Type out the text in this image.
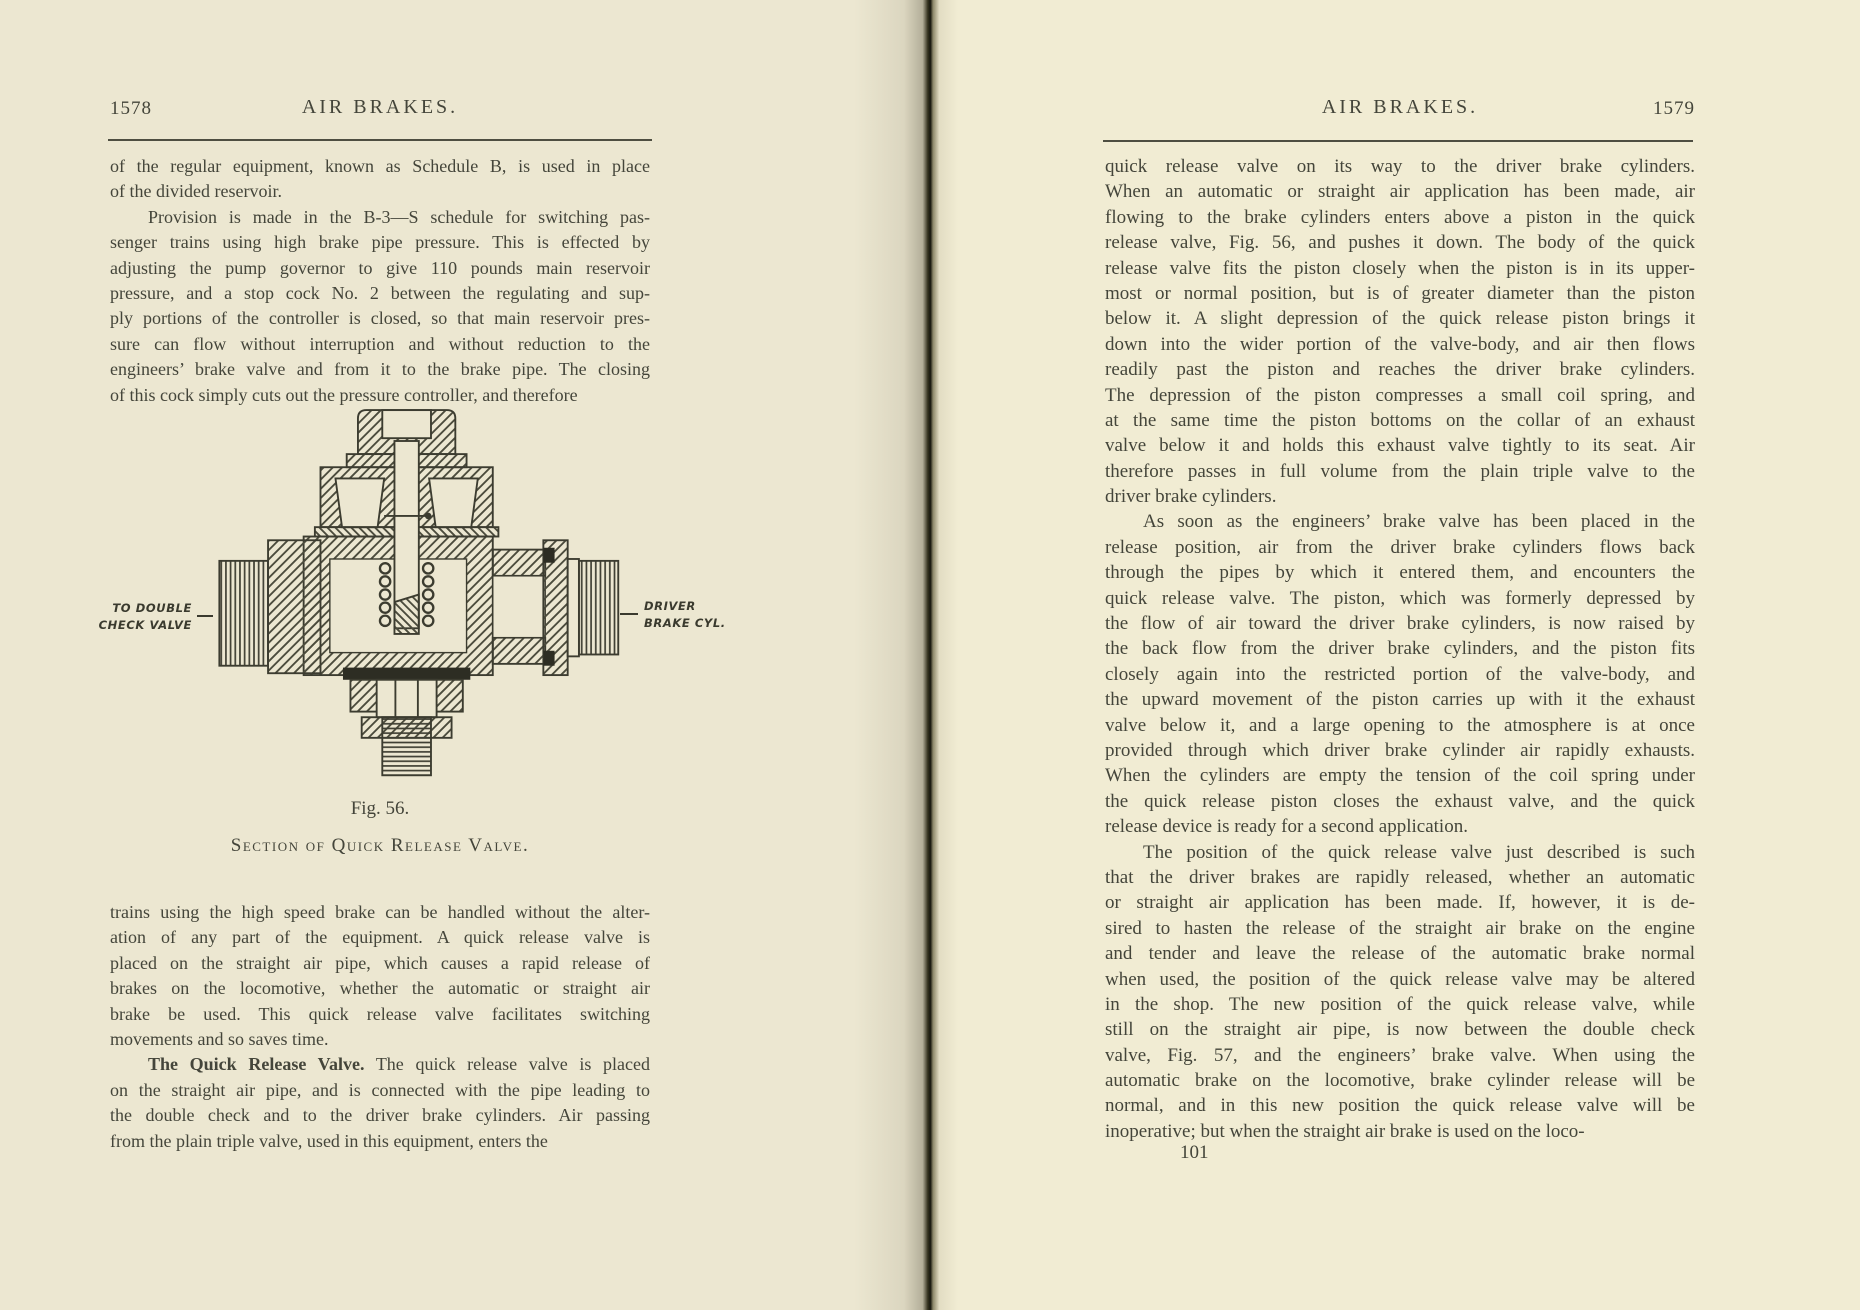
1578	AIR BRAKES.
of the regular equipment, known as Schedule B, is used in place
of the divided reservoir.
Provision is made in the B-3—S schedule for switching pas-
senger trains using high brake pipe pressure. This is effected by
adjusting the pump governor to give 110 pounds main reservoir
pressure, and a stop cock No. 2 between the regulating and sup-
ply portions of the controller is closed, so that main reservoir pres-
sure can flow without interruption and without reduction to the
engineers’ brake valve and from it to the brake pipe. The closing
of this cock simply cuts out the pressure controller, and therefore
TO DOUBLE
CHECK VALVE
DRIVER
BRAKE CYL.
Fig. 56.
Section of Quick Release Valve.
trains using the high speed brake can be handled without the alter-
ation of any part of the equipment. A quick release valve is
placed on the straight air pipe, which causes a rapid release of
brakes on the locomotive, whether the automatic or straight air
brake be used. This quick release valve facilitates switching
movements and so saves time.
The Quick Release Valve. The quick release valve is placed
on the straight air pipe, and is connected with the pipe leading to
the double check and to the driver brake cylinders. Air passing
from the plain triple valve, used in this equipment, enters the
AIR BRAKES.	1579
quick release valve on its way to the driver brake cylinders.
When an automatic or straight air application has been made, air
flowing to the brake cylinders enters above a piston in the quick
release valve, Fig. 56, and pushes it down. The body of the quick
release valve fits the piston closely when the piston is in its upper-
most or normal position, but is of greater diameter than the piston
below it. A slight depression of the quick release piston brings it
down into the wider portion of the valve-body, and air then flows
readily past the piston and reaches the driver brake cylinders.
The depression of the piston compresses a small coil spring, and
at the same time the piston bottoms on the collar of an exhaust
valve below it and holds this exhaust valve tightly to its seat. Air
therefore passes in full volume from the plain triple valve to the
driver brake cylinders.
As soon as the engineers’ brake valve has been placed in the
release position, air from the driver brake cylinders flows back
through the pipes by which it entered them, and encounters the
quick release valve. The piston, which was formerly depressed by
the flow of air toward the driver brake cylinders, is now raised by
the back flow from the driver brake cylinders, and the piston fits
closely again into the restricted portion of the valve-body, and
the upward movement of the piston carries up with it the exhaust
valve below it, and a large opening to the atmosphere is at once
provided through which driver brake cylinder air rapidly exhausts.
When the cylinders are empty the tension of the coil spring under
the quick release piston closes the exhaust valve, and the quick
release device is ready for a second application.
The position of the quick release valve just described is such
that the driver brakes are rapidly released, whether an automatic
or straight air application has been made. If, however, it is de-
sired to hasten the release of the straight air brake on the engine
and tender and leave the release of the automatic brake normal
when used, the position of the quick release valve may be altered
in the shop. The new position of the quick release valve, while
still on the straight air pipe, is now between the double check
valve, Fig. 57, and the engineers’ brake valve. When using the
automatic brake on the locomotive, brake cylinder release will be
normal, and in this new position the quick release valve will be
inoperative; but when the straight air brake is used on the loco-
101
